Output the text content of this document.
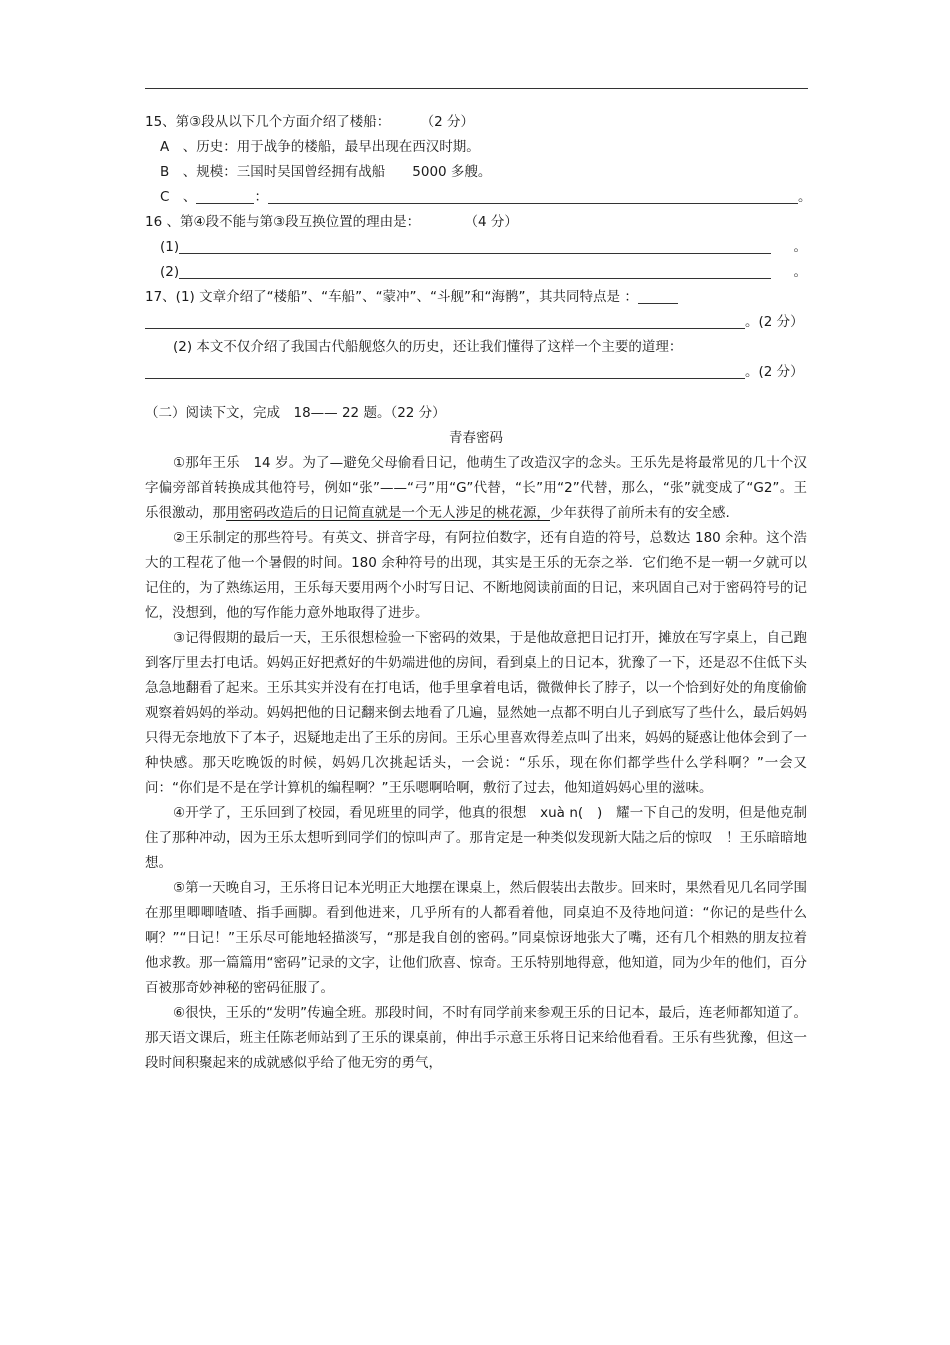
15、第③段从以下几个方面介绍了楼船： （2 分）
A　、历史：用于战争的楼船，最早出现在西汉时期。
B　、规模：三国时吴国曾经拥有战船　　5000 多艘。
C　、	：	。
16 、第④段不能与第③段互换位置的理由是：	（4 分）
(1)	。
(2)	。
17、(1) 文章介绍了“楼船”、“车船”、“蒙冲”、“斗舰”和“海鹘”，其共同特点是 ：
。(2 分）
(2) 本文不仅介绍了我国古代船舰悠久的历史，还让我们懂得了这样一个主要的道理：
。(2 分）
（二）阅读下文，完成　18—— 22 题。（22 分）
青春密码

①那年王乐　14 岁。为了—避免父母偷看日记，他萌生了改造汉字的念头。王乐先是将最常见的几十个汉字偏旁部首转换成其他符号，例如“张”——“弓”用“G”代替，“长”用“2”代替，那么，“张”就变成了“G2”。王乐很激动，那用密码改造后的日记简直就是一个无人涉足的桃花源，少年获得了前所未有的安全感.

②王乐制定的那些符号。有英文、拼音字母，有阿拉伯数字，还有自造的符号，总数达 180 余种。这个浩大的工程花了他一个暑假的时间。180 余种符号的出现，其实是王乐的无奈之举．它们绝不是一朝一夕就可以记住的，为了熟练运用，王乐每天要用两个小时写日记、不断地阅读前面的日记，来巩固自己对于密码符号的记忆，没想到，他的写作能力意外地取得了进步。

③记得假期的最后一天，王乐很想检验一下密码的效果，于是他故意把日记打开，摊放在写字桌上，自己跑到客厅里去打电话。妈妈正好把煮好的牛奶端进他的房间，看到桌上的日记本，犹豫了一下，还是忍不住低下头急急地翻看了起来。王乐其实并没有在打电话，他手里拿着电话，微微伸长了脖子，以一个恰到好处的角度偷偷观察着妈妈的举动。妈妈把他的日记翻来倒去地看了几遍，显然她一点都不明白儿子到底写了些什么，最后妈妈只得无奈地放下了本子，迟疑地走出了王乐的房间。王乐心里喜欢得差点叫了出来，妈妈的疑惑让他体会到了一种快感。那天吃晚饭的时候，妈妈几次挑起话头，一会说：“乐乐，现在你们都学些什么学科啊？”一会又问：“你们是不是在学计算机的编程啊？”王乐嗯啊哈啊，敷衍了过去，他知道妈妈心里的滋味。

④开学了，王乐回到了校园，看见班里的同学，他真的很想　xuà n(　)　耀一下自己的发明，但是他克制住了那种冲动，因为王乐太想听到同学们的惊叫声了。那肯定是一种类似发现新大陆之后的惊叹　！王乐暗暗地想。

⑤第一天晚自习，王乐将日记本光明正大地摆在课桌上，然后假装出去散步。回来时，果然看见几名同学围在那里唧唧喳喳、指手画脚。看到他进来，几乎所有的人都看着他，同桌迫不及待地问道：“你记的是些什么啊？”“日记！”王乐尽可能地轻描淡写，“那是我自创的密码。”同桌惊讶地张大了嘴，还有几个相熟的朋友拉着他求教。那一篇篇用“密码”记录的文字，让他们欣喜、惊奇。王乐特别地得意，他知道，同为少年的他们，百分百被那奇妙神秘的密码征服了。

⑥很快，王乐的“发明”传遍全班。那段时间，不时有同学前来参观王乐的日记本，最后，连老师都知道了。那天语文课后，班主任陈老师站到了王乐的课桌前，伸出手示意王乐将日记来给他看看。王乐有些犹豫，但这一段时间积聚起来的成就感似乎给了他无穷的勇气，
